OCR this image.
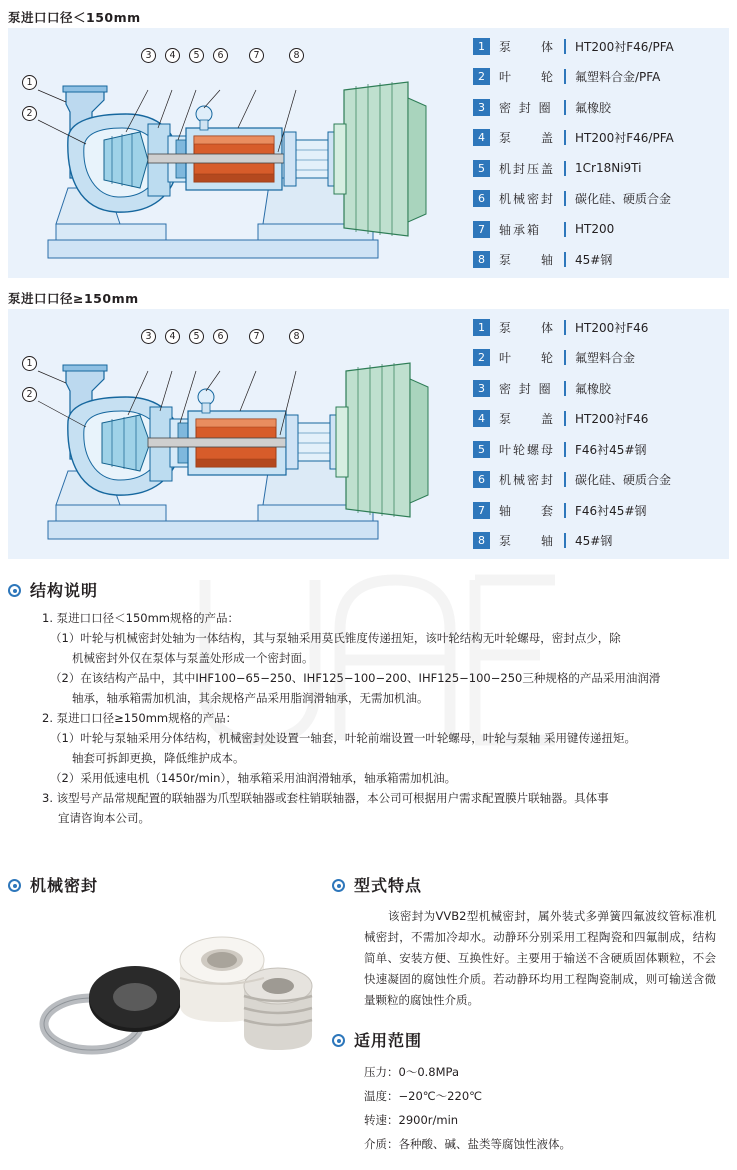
泵进口口径＜150mm
1
2
3	4	5	6	7	8
1	泵　　体	HT200衬F46/PFA
2	叶　　轮	氟塑料合金/PFA
3	密 封 圈	氟橡胶
4	泵　　盖	HT200衬F46/PFA
5	机封压盖	1Cr18Ni9Ti
6	机械密封	碳化硅、硬质合金
7	轴承箱	HT200
8	泵　　轴	45#钢
泵进口口径≥150mm
1
2
3	4	5	6	7	8
1	泵　　体	HT200衬F46
2	叶　　轮	氟塑料合金
3	密 封 圈	氟橡胶
4	泵　　盖	HT200衬F46
5	叶轮螺母	F46衬45#钢
6	机械密封	碳化硅、硬质合金
7	轴　　套	F46衬45#钢
8	泵　　轴	45#钢
结构说明

1. 泵进口口径＜150mm规格的产品：

（1）叶轮与机械密封处轴为一体结构，其与泵轴采用莫氏锥度传递扭矩，该叶轮结构无叶轮螺母，密封点少，除

机械密封外仅在泵体与泵盖处形成一个密封面。

（2）在该结构产品中，其中IHF100−65−250、IHF125−100−200、IHF125−100−250三种规格的产品采用油润滑

轴承，轴承箱需加机油，其余规格产品采用脂润滑轴承，无需加机油。

2. 泵进口口径≥150mm规格的产品：

（1）叶轮与泵轴采用分体结构，机械密封处设置一轴套，叶轮前端设置一叶轮螺母，叶轮与泵轴 采用键传递扭矩。

轴套可拆卸更换，降低维护成本。

（2）采用低速电机（1450r/min），轴承箱采用油润滑轴承，轴承箱需加机油。

3. 该型号产品常规配置的联轴器为爪型联轴器或套柱销联轴器，本公司可根据用户需求配置膜片联轴器。具体事

宜请咨询本公司。

机械密封	型式特点
该密封为VVB2型机械密封，属外装式多弹簧四氟波纹管标准机械密封，不需加冷却水。动静环分别采用工程陶瓷和四氟制成，结构简单、安装方便、互换性好。主要用于输送不含硬质固体颗粒，不会快速凝固的腐蚀性介质。若动静环均用工程陶瓷制成，则可输送含微量颗粒的腐蚀性介质。
适用范围
压力：0～0.8MPa
温度：−20℃～220℃
转速：2900r/min
介质：各种酸、碱、盐类等腐蚀性液体。
